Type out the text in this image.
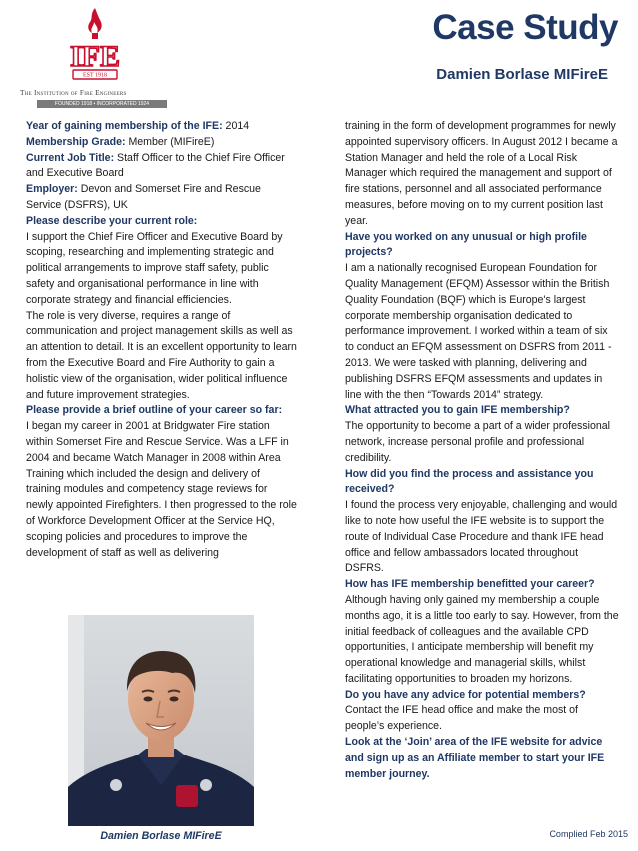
EST 1918
IFE
The Institution of Fire Engineers
FOUNDED 1918 • INCORPORATED 1924
Case Study
Damien Borlase MIFireE

Year of gaining membership of the IFE: 2014

Membership Grade: Member (MIFireE)

Current Job Title: Staff Officer to the Chief Fire Officer and Executive Board

Employer: Devon and Somerset Fire and Rescue Service (DSFRS), UK

Please describe your current role:

I support the Chief Fire Officer and Executive Board by scoping, researching and implementing strategic and political arrangements to improve staff safety, public safety and organisational performance in line with corporate strategy and financial efficiencies.

The role is very diverse, requires a range of communication and project management skills as well as an attention to detail. It is an excellent opportunity to learn from the Executive Board and Fire Authority to gain a holistic view of the organisation, wider political influence and future improvement strategies.

Please provide a brief outline of your career so far:

I began my career in 2001 at Bridgwater Fire station within Somerset Fire and Rescue Service. Was a LFF in 2004 and became Watch Manager in 2008 within Area Training which included the design and delivery of training modules and competency stage reviews for newly appointed Firefighters. I then progressed to the role of Workforce Development Officer at the Service HQ, scoping policies and procedures to improve the development of staff as well as delivering

training in the form of development programmes for newly appointed supervisory officers. In August 2012 I became a Station Manager and held the role of a Local Risk Manager which required the management and support of fire stations, personnel and all associated performance measures, before moving on to my current position last year.

Have you worked on any unusual or high profile projects?

I am a nationally recognised European Foundation for Quality Management (EFQM) Assessor within the British Quality Foundation (BQF) which is Europe's largest corporate membership organisation dedicated to performance improvement. I worked within a team of six to conduct an EFQM assessment on DSFRS from 2011 - 2013. We were tasked with planning, delivering and publishing DSFRS EFQM assessments and updates in line with the then “Towards 2014” strategy.

What attracted you to gain IFE membership?

The opportunity to become a part of a wider professional network, increase personal profile and professional credibility.

How did you find the process and assistance you received?

I found the process very enjoyable, challenging and would like to note how useful the IFE website is to support the route of Individual Case Procedure and thank IFE head office and fellow ambassadors located throughout DSFRS.

How has IFE membership benefitted your career?

Although having only gained my membership a couple months ago, it is a little too early to say. However, from the initial feedback of colleagues and the available CPD opportunities, I anticipate membership will benefit my operational knowledge and managerial skills, whilst facilitating opportunities to broaden my horizons.

Do you have any advice for potential members?

Contact the IFE head office and make the most of people’s experience.

Look at the ‘Join’ area of the IFE website for advice and sign up as an Affiliate member to start your IFE member journey.

Damien Borlase MIFireE	Complied Feb 2015
